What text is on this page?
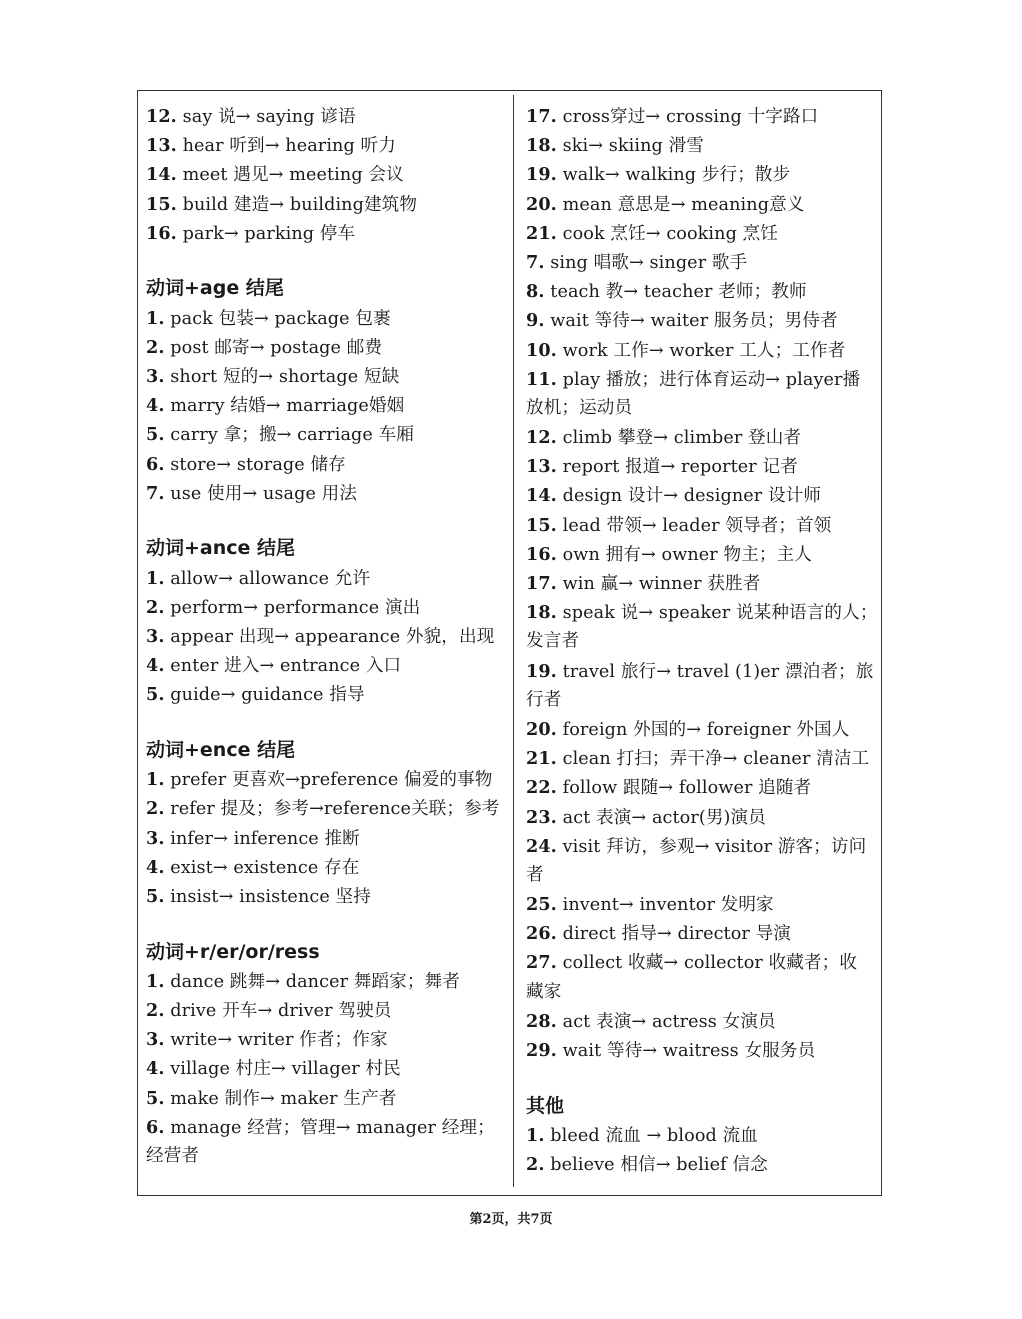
12. say 说→ saying 谚语
13. hear 听到→ hearing 听力
14. meet 遇见→ meeting 会议
15. build 建造→ building建筑物
16. park→ parking 停车
动词+age 结尾
1. pack 包装→ package 包裹
2. post 邮寄→ postage 邮费
3. short 短的→ shortage 短缺
4. marry 结婚→ marriage婚姻
5. carry 拿；搬→ carriage 车厢
6. store→ storage 储存
7. use 使用→ usage 用法
动词+ance 结尾
1. allow→ allowance 允许
2. perform→ performance 演出
3. appear 出现→ appearance 外貌，出现
4. enter 进入→ entrance 入口
5. guide→ guidance 指导
动词+ence 结尾
1. prefer 更喜欢→preference 偏爱的事物
2. refer 提及；参考→reference关联；参考
3. infer→ inference 推断
4. exist→ existence 存在
5. insist→ insistence 坚持
动词+r/er/or/ress
1. dance 跳舞→ dancer 舞蹈家；舞者
2. drive 开车→ driver 驾驶员
3. write→ writer 作者；作家
4. village 村庄→ villager 村民
5. make 制作→ maker 生产者
6. manage 经营；管理→ manager 经理；
经营者
17. cross穿过→ crossing 十字路口
18. ski→ skiing 滑雪
19. walk→ walking 步行；散步
20. mean 意思是→ meaning意义
21. cook 烹饪→ cooking 烹饪
7. sing 唱歌→ singer 歌手
8. teach 教→ teacher 老师；教师
9. wait 等待→ waiter 服务员；男侍者
10. work 工作→ worker 工人；工作者
11. play 播放；进行体育运动→ player播
放机；运动员
12. climb 攀登→ climber 登山者
13. report 报道→ reporter 记者
14. design 设计→ designer 设计师
15. lead 带领→ leader 领导者；首领
16. own 拥有→ owner 物主；主人
17. win 赢→ winner 获胜者
18. speak 说→ speaker 说某种语言的人；
发言者
19. travel 旅行→ travel (1)er 漂泊者；旅
行者
20. foreign 外国的→ foreigner 外国人
21. clean 打扫；弄干净→ cleaner 清洁工
22. follow 跟随→ follower 追随者
23. act 表演→ actor(男)演员
24. visit 拜访，参观→ visitor 游客；访问
者
25. invent→ inventor 发明家
26. direct 指导→ director 导演
27. collect 收藏→ collector 收藏者；收
藏家
28. act 表演→ actress 女演员
29. wait 等待→ waitress 女服务员
其他
1. bleed 流血 → blood 流血
2. believe 相信→ belief 信念
第2页，共7页
